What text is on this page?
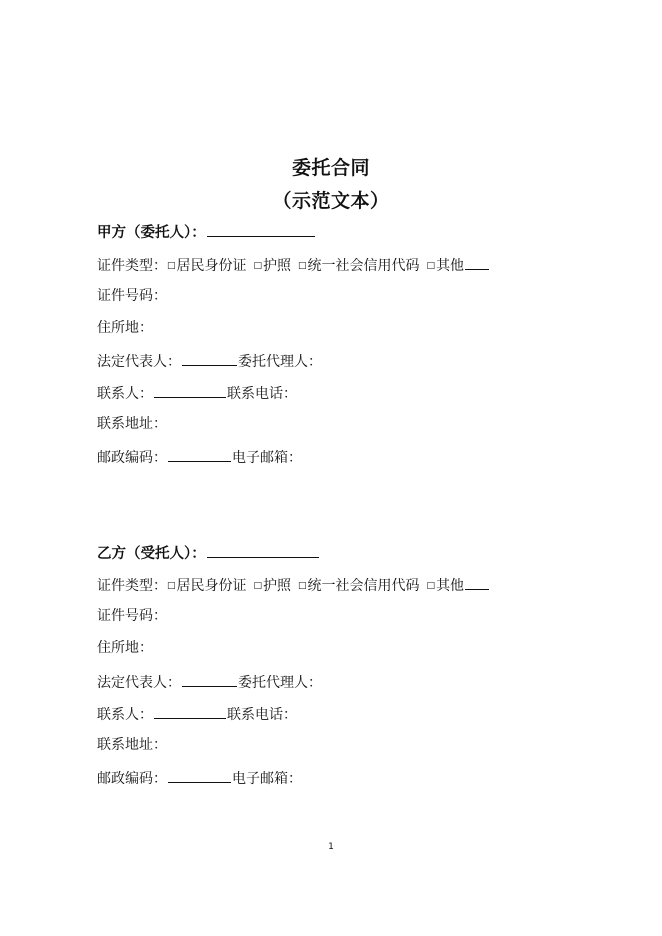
委托合同
（示范文本）
甲方（委托人）：
证件类型：□居民身份证 □护照 □统一社会信用代码 □其他
证件号码：
住所地：
法定代表人：	委托代理人：
联系人：	联系电话：
联系地址：
邮政编码：	电子邮箱：
乙方（受托人）：
证件类型：□居民身份证 □护照 □统一社会信用代码 □其他
证件号码：
住所地：
法定代表人：	委托代理人：
联系人：	联系电话：
联系地址：
邮政编码：	电子邮箱：
1
